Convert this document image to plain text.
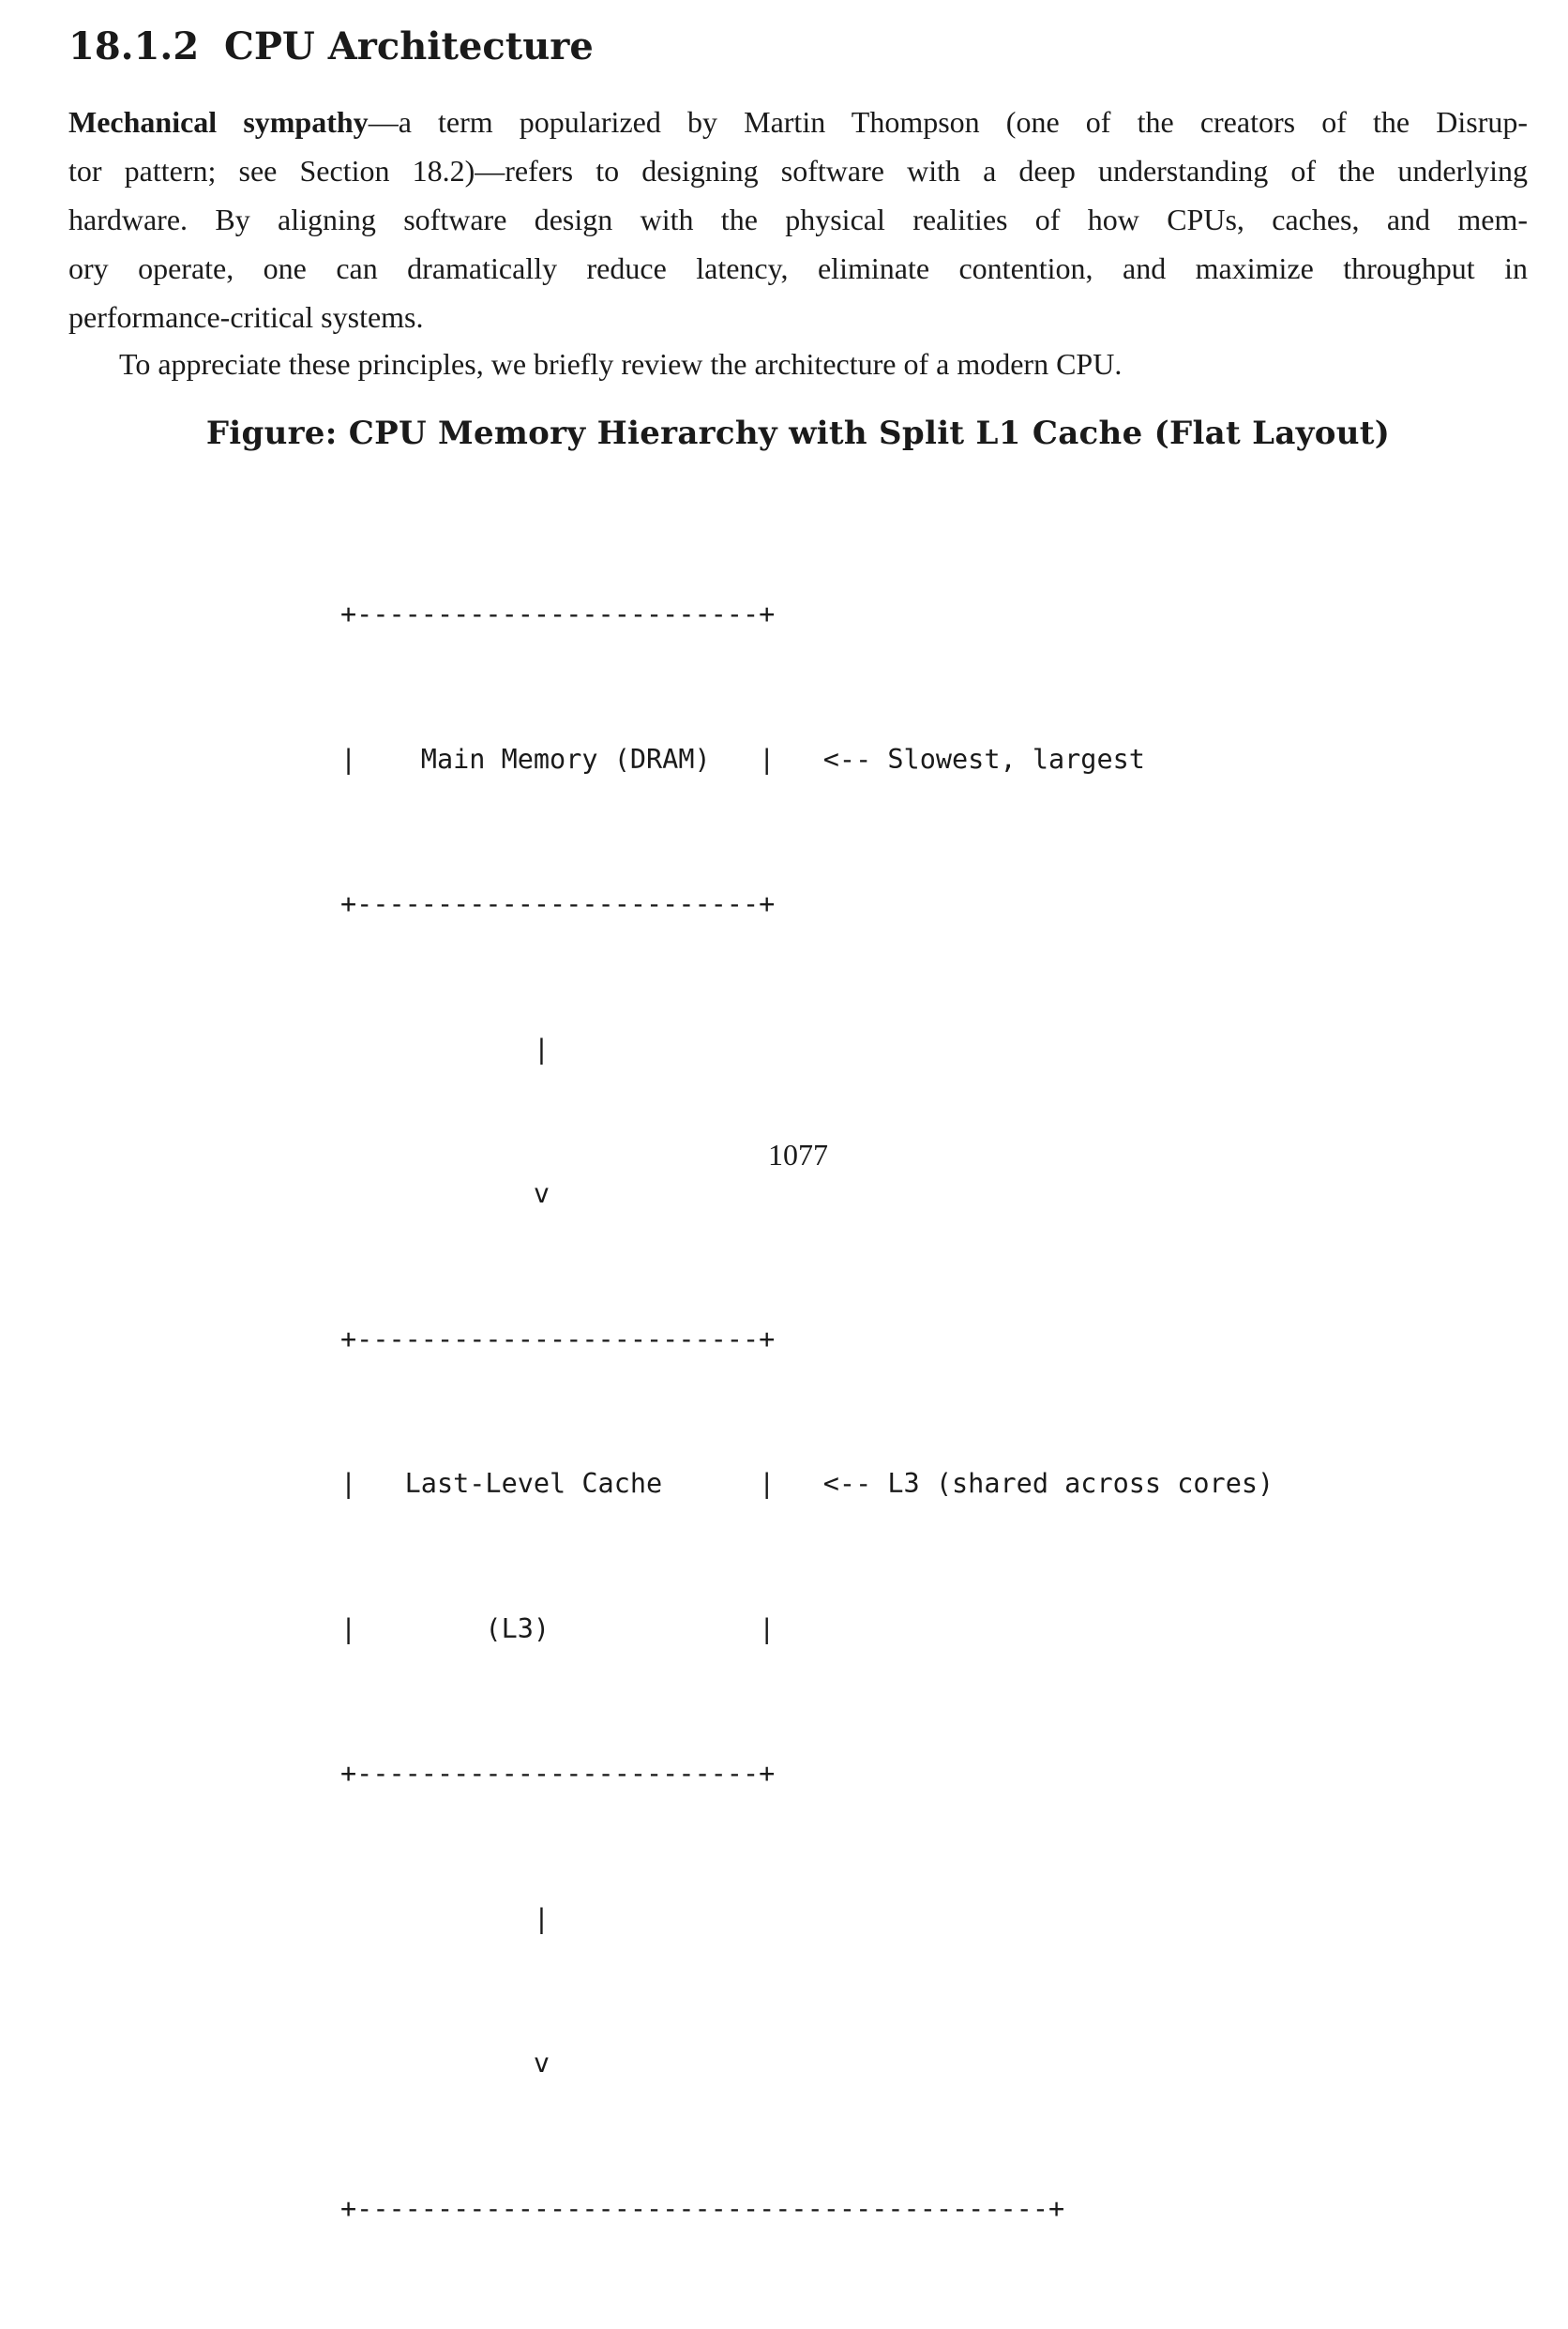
18.1.2 CPU Architecture
Mechanical sympathy—a term popularized by Martin Thompson (one of the creators of the Disrup-
tor pattern; see Section 18.2)—refers to designing software with a deep understanding of the underlying
hardware. By aligning software design with the physical realities of how CPUs, caches, and mem-
ory operate, one can dramatically reduce latency, eliminate contention, and maximize throughput in
performance-critical systems.

To appreciate these principles, we briefly review the architecture of a modern CPU.

Figure: CPU Memory Hierarchy with Split L1 Cache (Flat Layout)

+-------------------------+

|    Main Memory (DRAM)   |   <-- Slowest, largest

+-------------------------+

|

v

+-------------------------+

|   Last-Level Cache      |   <-- L3 (shared across cores)

|        (L3)             |

+-------------------------+

|

v

+-------------------------------------------+

1077
